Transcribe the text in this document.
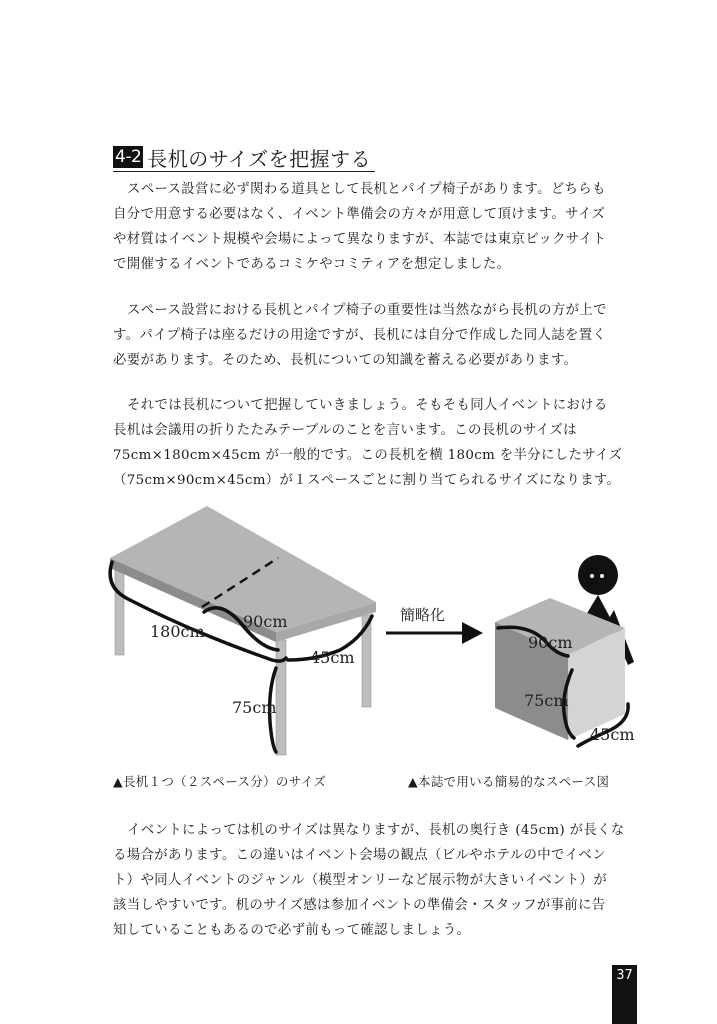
4-2 長机のサイズを把握する
スペース設営に必ず関わる道具として長机とパイプ椅子があります。どちらも
自分で用意する必要はなく、イベント準備会の方々が用意して頂けます。サイズ
や材質はイベント規模や会場によって異なりますが、本誌では東京ビックサイト
で開催するイベントであるコミケやコミティアを想定しました。
スペース設営における長机とパイプ椅子の重要性は当然ながら長机の方が上で
す。パイプ椅子は座るだけの用途ですが、長机には自分で作成した同人誌を置く
必要があります。そのため、長机についての知識を蓄える必要があります。
それでは長机について把握していきましょう。そもそも同人イベントにおける
長机は会議用の折りたたみテーブルのことを言います。この長机のサイズは
75cm×180cm×45cm が一般的です。この長机を横 180cm を半分にしたサイズ
（75cm×90cm×45cm）が１スペースごとに割り当てられるサイズになります。
180cm
90cm
45cm
75cm
簡略化
90cm
75cm
45cm
▲長机１つ（２スペース分）のサイズ	▲本誌で用いる簡易的なスペース図
イベントによっては机のサイズは異なりますが、長机の奥行き (45cm) が長くな
る場合があります。この違いはイベント会場の観点（ビルやホテルの中でイベン
ト）や同人イベントのジャンル（模型オンリーなど展示物が大きいイベント）が
該当しやすいです。机のサイズ感は参加イベントの準備会・スタッフが事前に告
知していることもあるので必ず前もって確認しましょう。
37
